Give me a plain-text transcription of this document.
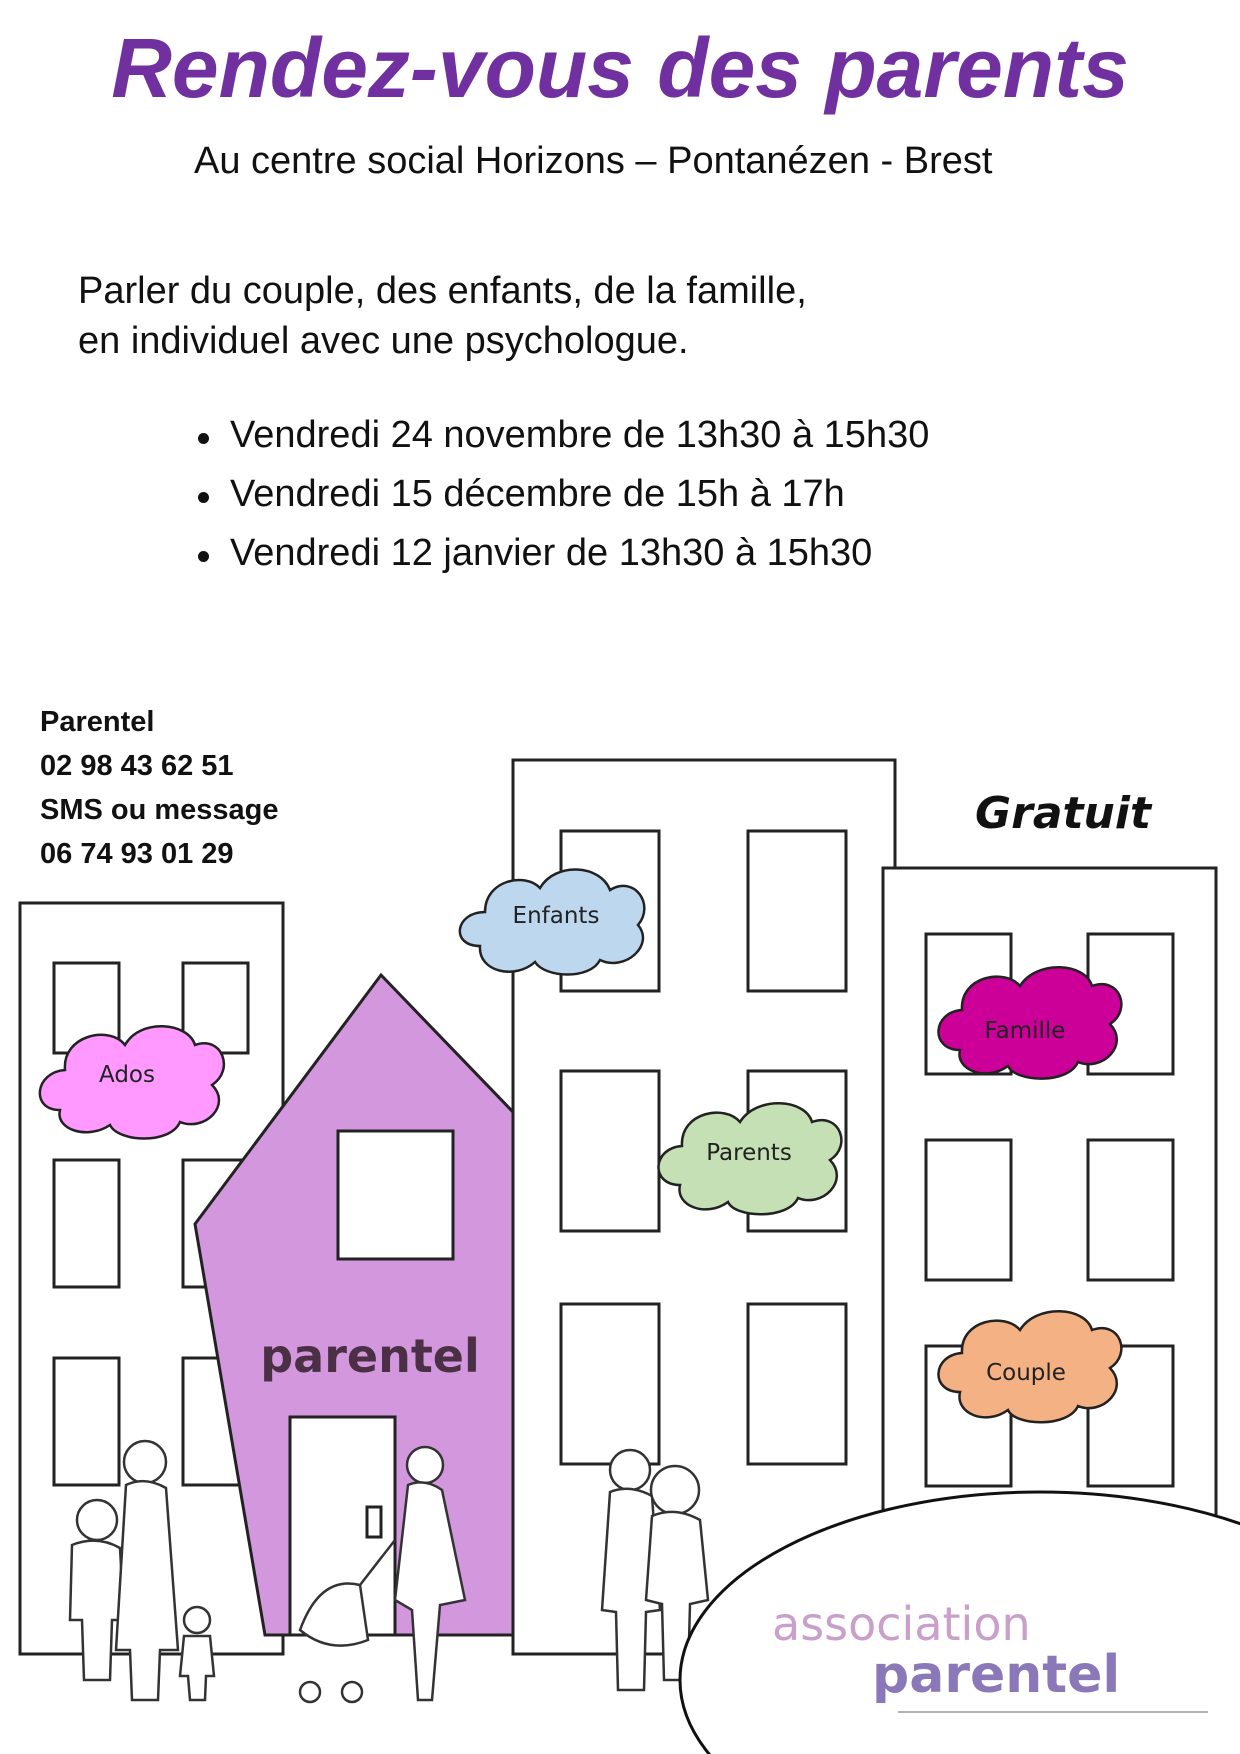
Rendez-vous des parents
Au centre social Horizons – Pontanézen - Brest
Parler du couple, des enfants, de la famille,
en individuel avec une psychologue.
Vendredi 24 novembre de 13h30 à 15h30
Vendredi 15 décembre de 15h à 17h
Vendredi 12 janvier de 13h30 à 15h30
parentel
Enfants
Ados
Famille
Parents
Couple
association
parentel
Parentel
02 98 43 62 51
SMS ou message
06 74 93 01 29
Gratuit
